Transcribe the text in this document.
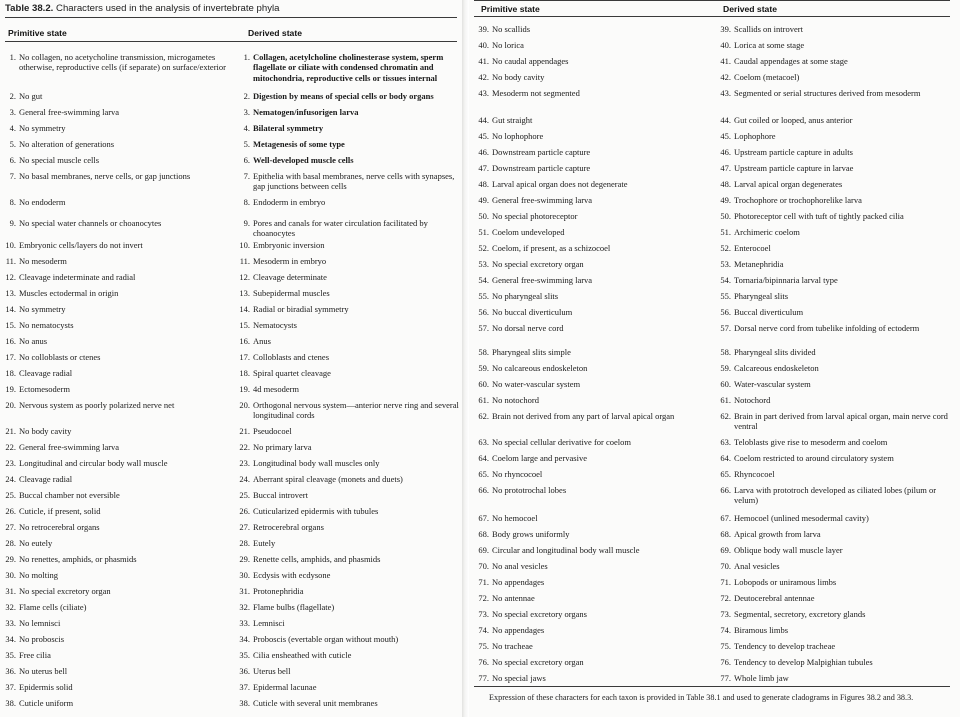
Table 38.2. Characters used in the analysis of invertebrate phyla
Primitive state	Derived state
1. No collagen, no acetycholine transmission, microgametes otherwise, reproductive cells (if separate) on surface/exterior
1. Collagen, acetylcholine cholinesterase system, sperm flagellate or ciliate with condensed chromatin and mitochondria, reproductive cells or tissues internal
2. No gut	2. Digestion by means of special cells or body organs
3. General free-swimming larva	3. Nematogen/infusorigen larva
4. No symmetry	4. Bilateral symmetry
5. No alteration of generations	5. Metagenesis of some type
6. No special muscle cells	6. Well-developed muscle cells
7. No basal membranes, nerve cells, or gap junctions	7. Epithelia with basal membranes, nerve cells with synapses, gap junctions between cells
8. No endoderm	8. Endoderm in embryo
9. No special water channels or choanocytes	9. Pores and canals for water circulation facilitated by choanocytes
10. Embryonic cells/layers do not invert	10. Embryonic inversion
11. No mesoderm	11. Mesoderm in embryo
12. Cleavage indeterminate and radial	12. Cleavage determinate
13. Muscles ectodermal in origin	13. Subepidermal muscles
14. No symmetry	14. Radial or biradial symmetry
15. No nematocysts	15. Nematocysts
16. No anus	16. Anus
17. No colloblasts or ctenes	17. Colloblasts and ctenes
18. Cleavage radial	18. Spiral quartet cleavage
19. Ectomesoderm	19. 4d mesoderm
20. Nervous system as poorly polarized nerve net	20. Orthogonal nervous system—anterior nerve ring and several longitudinal cords
21. No body cavity	21. Pseudocoel
22. General free-swimming larva	22. No primary larva
23. Longitudinal and circular body wall muscle	23. Longitudinal body wall muscles only
24. Cleavage radial	24. Aberrant spiral cleavage (monets and duets)
25. Buccal chamber not eversible	25. Buccal introvert
26. Cuticle, if present, solid	26. Cuticularized epidermis with tubules
27. No retrocerebral organs	27. Retrocerebral organs
28. No eutely	28. Eutely
29. No renettes, amphids, or phasmids	29. Renette cells, amphids, and phasmids
30. No molting	30. Ecdysis with ecdysone
31. No special excretory organ	31. Protonephridia
32. Flame cells (ciliate)	32. Flame bulbs (flagellate)
33. No lemnisci	33. Lemnisci
34. No proboscis	34. Proboscis (evertable organ without mouth)
35. Free cilia	35. Cilia ensheathed with cuticle
36. No uterus bell	36. Uterus bell
37. Epidermis solid	37. Epidermal lacunae
38. Cuticle uniform	38. Cuticle with several unit membranes
Primitive state	Derived state
39. No scallids	39. Scallids on introvert
40. No lorica	40. Lorica at some stage
41. No caudal appendages	41. Caudal appendages at some stage
42. No body cavity	42. Coelom (metacoel)
43. Mesoderm not segmented	43. Segmented or serial structures derived from mesoderm
44. Gut straight	44. Gut coiled or looped, anus anterior
45. No lophophore	45. Lophophore
46. Downstream particle capture	46. Upstream particle capture in adults
47. Downstream particle capture	47. Upstream particle capture in larvae
48. Larval apical organ does not degenerate	48. Larval apical organ degenerates
49. General free-swimming larva	49. Trochophore or trochophorelike larva
50. No special photoreceptor	50. Photoreceptor cell with tuft of tightly packed cilia
51. Coelom undeveloped	51. Archimeric coelom
52. Coelom, if present, as a schizocoel	52. Enterocoel
53. No special excretory organ	53. Metanephridia
54. General free-swimming larva	54. Tornaria/bipinnaria larval type
55. No pharyngeal slits	55. Pharyngeal slits
56. No buccal diverticulum	56. Buccal diverticulum
57. No dorsal nerve cord	57. Dorsal nerve cord from tubelike infolding of ectoderm
58. Pharyngeal slits simple	58. Pharyngeal slits divided
59. No calcareous endoskeleton	59. Calcareous endoskeleton
60. No water-vascular system	60. Water-vascular system
61. No notochord	61. Notochord
62. Brain not derived from any part of larval apical organ	62. Brain in part derived from larval apical organ, main nerve cord ventral
63. No special cellular derivative for coelom	63. Teloblasts give rise to mesoderm and coelom
64. Coelom large and pervasive	64. Coelom restricted to around circulatory system
65. No rhyncocoel	65. Rhyncocoel
66. No prototrochal lobes	66. Larva with prototroch developed as ciliated lobes (pilum or velum)
67. No hemocoel	67. Hemocoel (unlined mesodermal cavity)
68. Body grows uniformly	68. Apical growth from larva
69. Circular and longitudinal body wall muscle	69. Oblique body wall muscle layer
70. No anal vesicles	70. Anal vesicles
71. No appendages	71. Lobopods or uniramous limbs
72. No antennae	72. Deutocerebral antennae
73. No special excretory organs	73. Segmental, secretory, excretory glands
74. No appendages	74. Biramous limbs
75. No tracheae	75. Tendency to develop tracheae
76. No special excretory organ	76. Tendency to develop Malpighian tubules
77. No special jaws	77. Whole limb jaw
Expression of these characters for each taxon is provided in Table 38.1 and used to generate cladograms in Figures 38.2 and 38.3.
